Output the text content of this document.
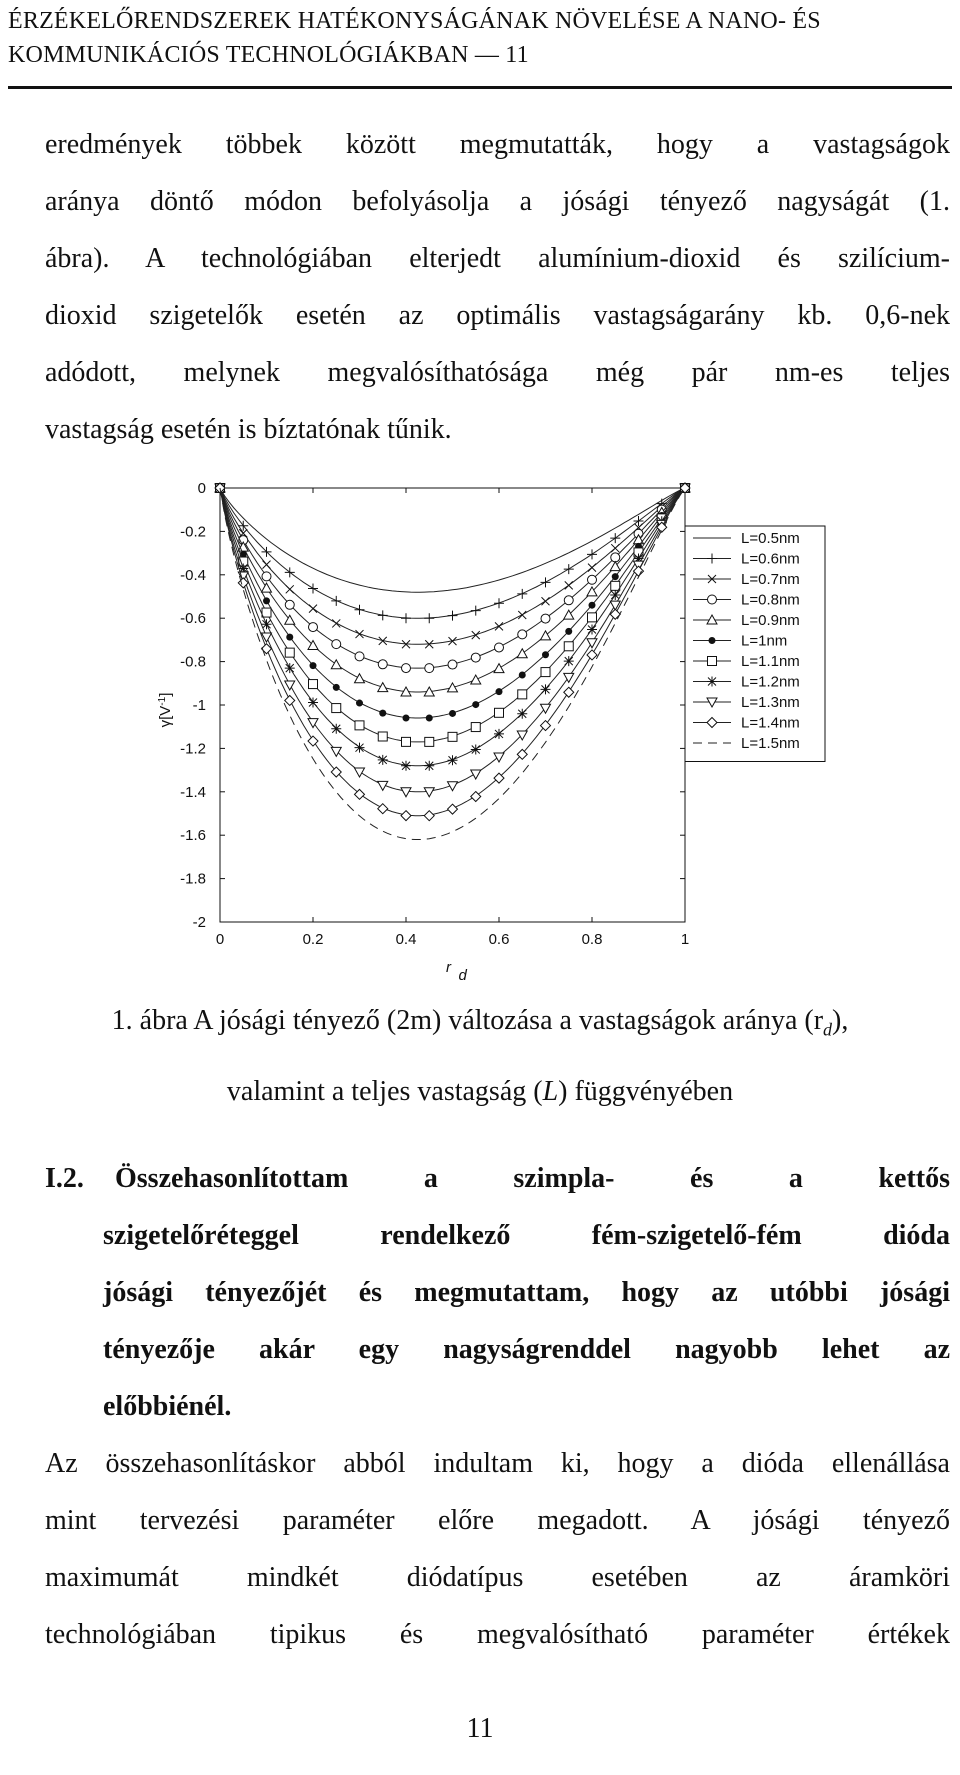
ÉRZÉKELŐRENDSZEREK HATÉKONYSÁGÁNAK NÖVELÉSE A NANO- ÉS
KOMMUNIKÁCIÓS TECHNOLÓGIÁKBAN — 11
eredmények többek között megmutatták, hogy a vastagságok
aránya döntő módon befolyásolja a jósági tényező nagyságát (1.
ábra). A technológiában elterjedt alumínium-dioxid és szilícium-
dioxid szigetelők esetén az optimális vastagságarány kb. 0,6-nek
adódott, melynek megvalósíthatósága még pár nm-es teljes
vastagság esetén is bíztatónak tűnik.
0
-0.2
-0.4
-0.6
-0.8
-1
-1.2
-1.4
-1.6
-1.8
-2
0	0.2	0.4	0.6	0.8	1
r d
$\gamma[V^{-1}]$
L=0.5nm
L=0.6nm
L=0.7nm
L=0.8nm
L=0.9nm
L=1nm
L=1.1nm
L=1.2nm
L=1.3nm
L=1.4nm
L=1.5nm
1. ábra A jósági tényező (2m) változása a vastagságok aránya $(r_d)$,
valamint a teljes vastagság (L) függvényében
I.2.	Összehasonlítottam a szimpla- és a kettős
szigetelőréteggel rendelkező fém-szigetelő-fém dióda
jósági tényezőjét és megmutattam, hogy az utóbbi jósági
tényezője akár egy nagyságrenddel nagyobb lehet az
előbbiénél.
Az összehasonlításkor abból indultam ki, hogy a dióda ellenállása
mint tervezési paraméter előre megadott. A jósági tényező
maximumát mindkét diódatípus esetében az áramköri
technológiában tipikus és megvalósítható paraméter értékek
11
